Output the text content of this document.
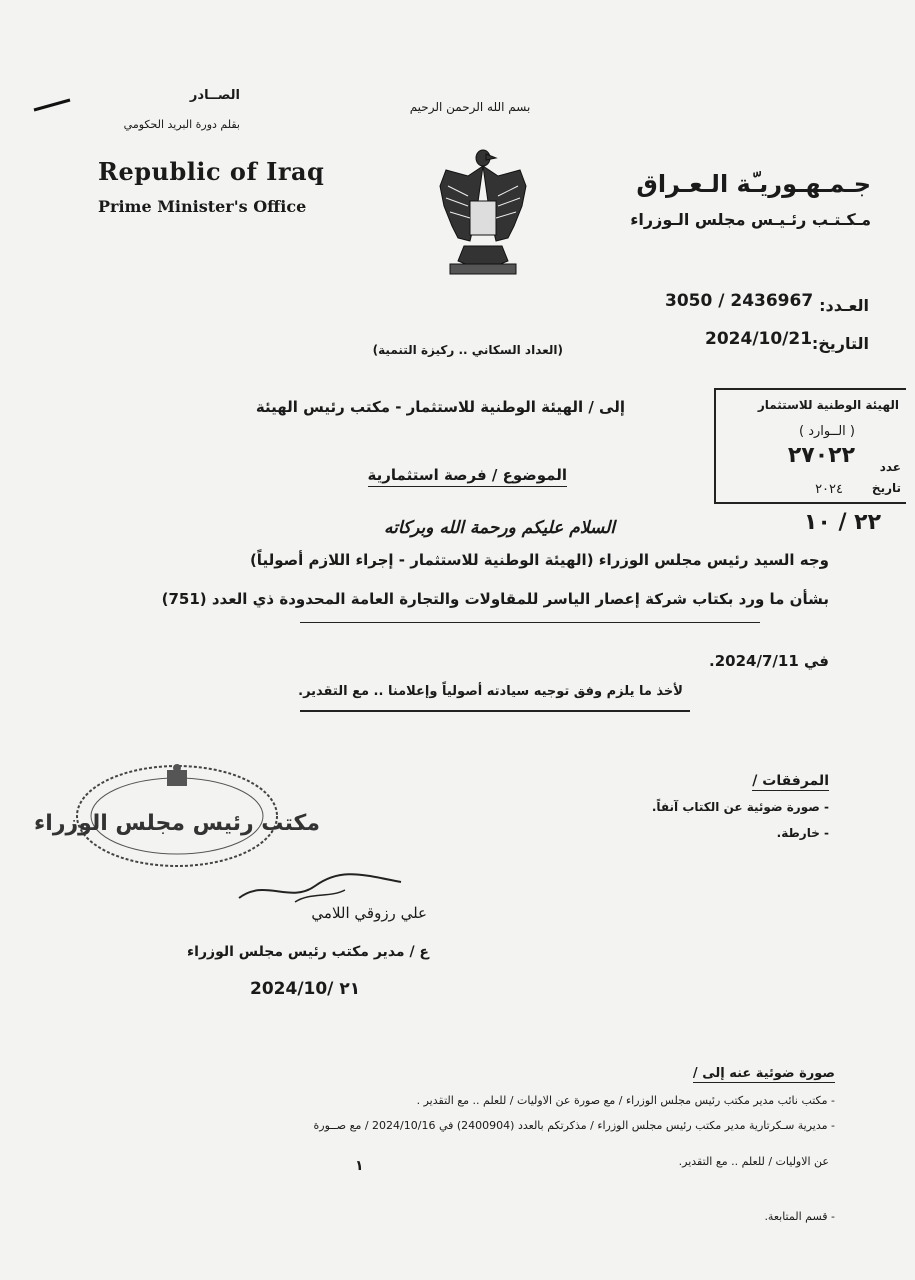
الصــادر
بقلم دورة البريد الحكومي
Republic of Iraq
Prime Minister's Office
بسم الله الرحمن الرحيم
جـمـهـوريـّة الـعـراق
مـكـتـب رئـيـس مجلس الـوزراء
العـدد:
3050 / 2436967
التاريخ:
2024/10/21
(العداد السكاني .. ركيزة التنمية)
إلى / الهيئة الوطنية للاستثمار - مكتب رئيس الهيئة
الموضوع / فرصة استثمارية
الهيئة الوطنية للاستثمار
( الــوارد )
٢٧٠٢٢ عدد
تاريخ
٢٠٢٤
٢٢ / ١٠
السلام عليكم ورحمة الله وبركاته
وجه السيد رئيس مجلس الوزراء (الهيئة الوطنية للاستثمار - إجراء اللازم أصولياً)
بشأن ما ورد بكتاب شركة إعصار الياسر للمقاولات والتجارة العامة المحدودة ذي العدد (751)
في 2024/7/11.
لأخذ ما يلزم وفق توجيه سيادته أصولياً وإعلامنا .. مع التقدير.
المرفقات /
- صورة ضوئية عن الكتاب آنفاً.
- خارطة.
مكتب رئيس مجلس الوزراء
علي رزوقي اللامي
ع / مدير مكتب رئيس مجلس الوزراء
2024/10/ ٢١
صورة ضوئية عنه إلى /
- مكتب نائب مدير مكتب رئيس مجلس الوزراء / مع صورة عن الاوليات / للعلم .. مع التقدير .
- مديرية سـكرتارية مدير مكتب رئيس مجلس الوزراء / مذكرتكم بالعدد (2400904) في 2024/10/16 / مع صــورة
عن الاوليات / للعلم .. مع التقدير.
- قسم المتابعة.
١
